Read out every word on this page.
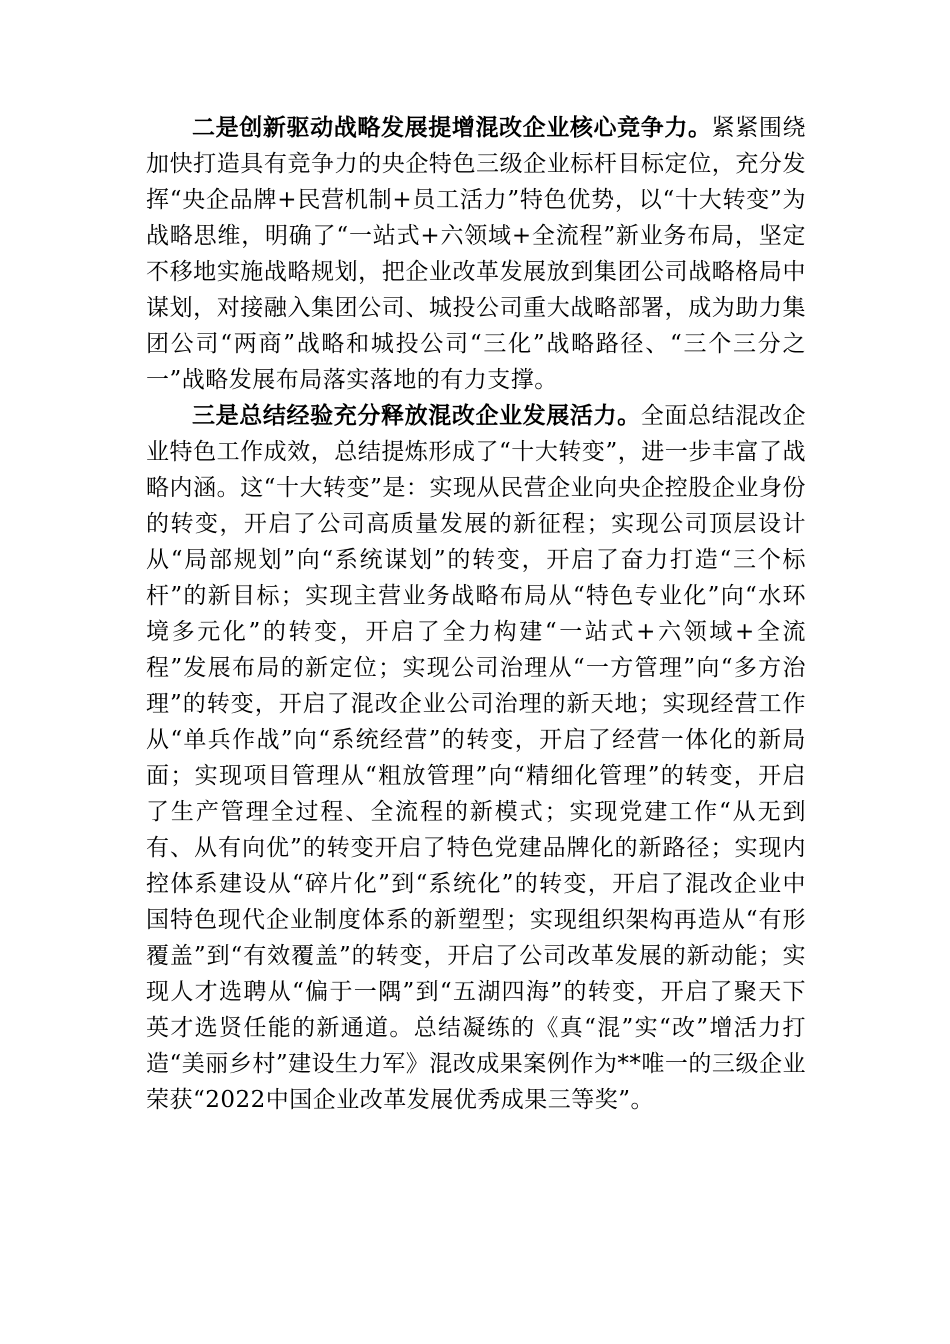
二是创新驱动战略发展提增混改企业核心竞争力。紧紧围绕加快打造具有竞争力的央企特色三级企业标杆目标定位，充分发挥“央企品牌+民营机制+员工活力”特色优势，以“十大转变”为战略思维，明确了“一站式+六领域+全流程”新业务布局，坚定不移地实施战略规划，把企业改革发展放到集团公司战略格局中谋划，对接融入集团公司、城投公司重大战略部署，成为助力集团公司“两商”战略和城投公司“三化”战略路径、“三个三分之一”战略发展布局落实落地的有力支撑。

三是总结经验充分释放混改企业发展活力。全面总结混改企业特色工作成效，总结提炼形成了“十大转变”，进一步丰富了战略内涵。这“十大转变”是：实现从民营企业向央企控股企业身份的转变，开启了公司高质量发展的新征程；实现公司顶层设计从“局部规划”向“系统谋划”的转变，开启了奋力打造“三个标杆”的新目标；实现主营业务战略布局从“特色专业化”向“水环境多元化”的转变，开启了全力构建“一站式+六领域+全流程”发展布局的新定位；实现公司治理从“一方管理”向“多方治理”的转变，开启了混改企业公司治理的新天地；实现经营工作从“单兵作战”向“系统经营”的转变，开启了经营一体化的新局面；实现项目管理从“粗放管理”向“精细化管理”的转变，开启了生产管理全过程、全流程的新模式；实现党建工作“从无到有、从有向优”的转变开启了特色党建品牌化的新路径；实现内控体系建设从“碎片化”到“系统化”的转变，开启了混改企业中国特色现代企业制度体系的新塑型；实现组织架构再造从“有形覆盖”到“有效覆盖”的转变，开启了公司改革发展的新动能；实现人才选聘从“偏于一隅”到“五湖四海”的转变，开启了聚天下英才选贤任能的新通道。总结凝练的《真“混”实“改”增活力打造“美丽乡村”建设生力军》混改成果案例作为**唯一的三级企业荣获“2022中国企业改革发展优秀成果三等奖”。
